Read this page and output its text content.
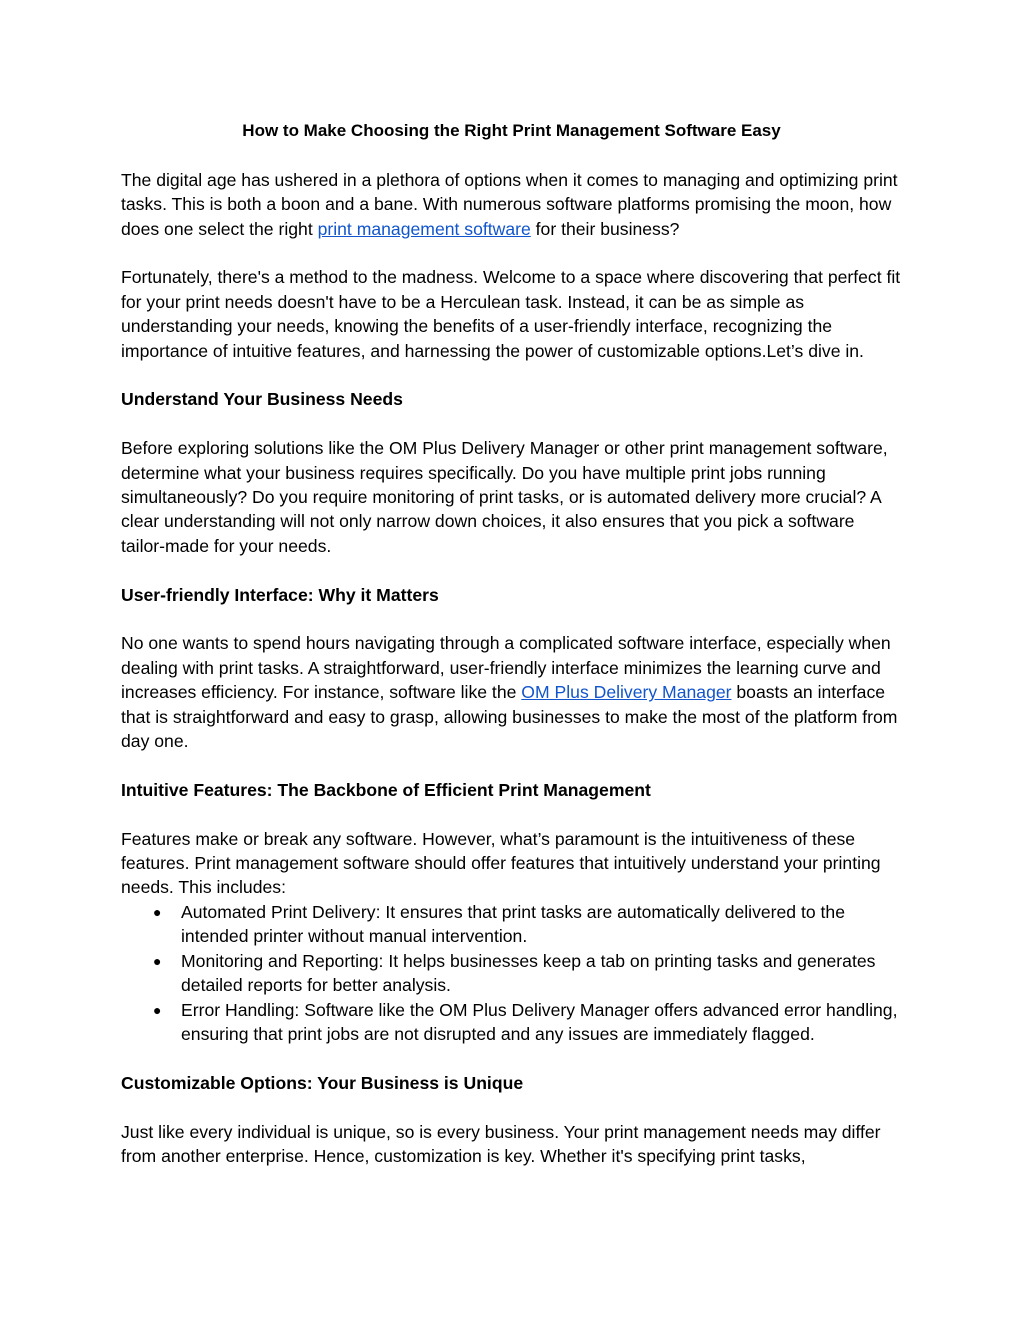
How to Make Choosing the Right Print Management Software Easy

The digital age has ushered in a plethora of options when it comes to managing and optimizing print tasks. This is both a boon and a bane. With numerous software platforms promising the moon, how does one select the right print management software for their business?

Fortunately, there's a method to the madness. Welcome to a space where discovering that perfect fit for your print needs doesn't have to be a Herculean task. Instead, it can be as simple as understanding your needs, knowing the benefits of a user-friendly interface, recognizing the importance of intuitive features, and harnessing the power of customizable options.Let’s dive in.

Understand Your Business Needs

Before exploring solutions like the OM Plus Delivery Manager or other print management software, determine what your business requires specifically. Do you have multiple print jobs running simultaneously? Do you require monitoring of print tasks, or is automated delivery more crucial? A clear understanding will not only narrow down choices, it also ensures that you pick a software tailor-made for your needs.

User-friendly Interface: Why it Matters

No one wants to spend hours navigating through a complicated software interface, especially when dealing with print tasks. A straightforward, user-friendly interface minimizes the learning curve and increases efficiency. For instance, software like the OM Plus Delivery Manager boasts an interface that is straightforward and easy to grasp, allowing businesses to make the most of the platform from day one.

Intuitive Features: The Backbone of Efficient Print Management

Features make or break any software. However, what’s paramount is the intuitiveness of these features. Print management software should offer features that intuitively understand your printing needs. This includes:

● Automated Print Delivery: It ensures that print tasks are automatically delivered to the intended printer without manual intervention.
● Monitoring and Reporting: It helps businesses keep a tab on printing tasks and generates detailed reports for better analysis.
● Error Handling: Software like the OM Plus Delivery Manager offers advanced error handling, ensuring that print jobs are not disrupted and any issues are immediately flagged.
Customizable Options: Your Business is Unique

Just like every individual is unique, so is every business. Your print management needs may differ from another enterprise. Hence, customization is key. Whether it's specifying print tasks,
